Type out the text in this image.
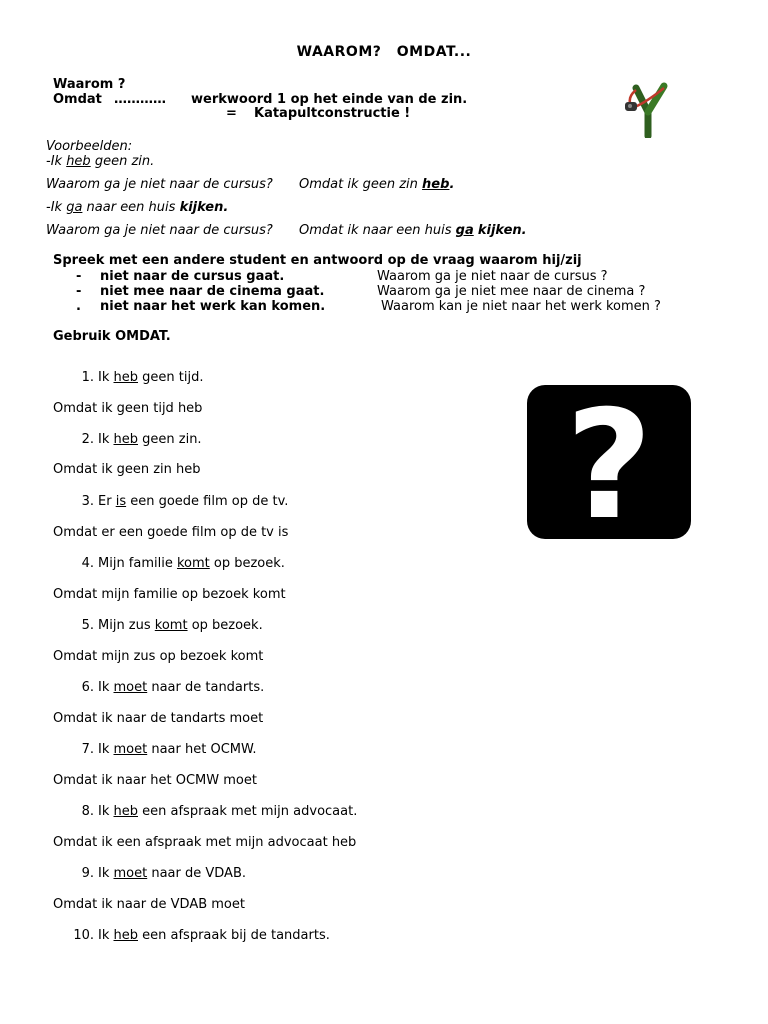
WAAROM? OMDAT...
Waarom ?
Omdat ………… werkwoord 1 op het einde van de zin.
= Katapultconstructie !
Voorbeelden:
-Ik heb geen zin.
Waarom ga je niet naar de cursus? Omdat ik geen zin heb.
-Ik ga naar een huis kijken.
Waarom ga je niet naar de cursus? Omdat ik naar een huis ga kijken.
Spreek met een andere student en antwoord op de vraag waarom hij/zij
- niet naar de cursus gaat.	Waarom ga je niet naar de cursus ?
- niet mee naar de cinema gaat.	Waarom ga je niet mee naar de cinema ?
. niet naar het werk kan komen.	Waarom kan je niet naar het werk komen ?
Gebruik OMDAT.
1. Ik heb geen tijd.
Omdat ik geen tijd heb
2. Ik heb geen zin.
Omdat ik geen zin heb
3. Er is een goede film op de tv.
Omdat er een goede film op de tv is
4. Mijn familie komt op bezoek.
Omdat mijn familie op bezoek komt
5. Mijn zus komt op bezoek.
Omdat mijn zus op bezoek komt
6. Ik moet naar de tandarts.
Omdat ik naar de tandarts moet
7. Ik moet naar het OCMW.
Omdat ik naar het OCMW moet
8. Ik heb een afspraak met mijn advocaat.
Omdat ik een afspraak met mijn advocaat heb
9. Ik moet naar de VDAB.
Omdat ik naar de VDAB moet
10. Ik heb een afspraak bij de tandarts.
?
